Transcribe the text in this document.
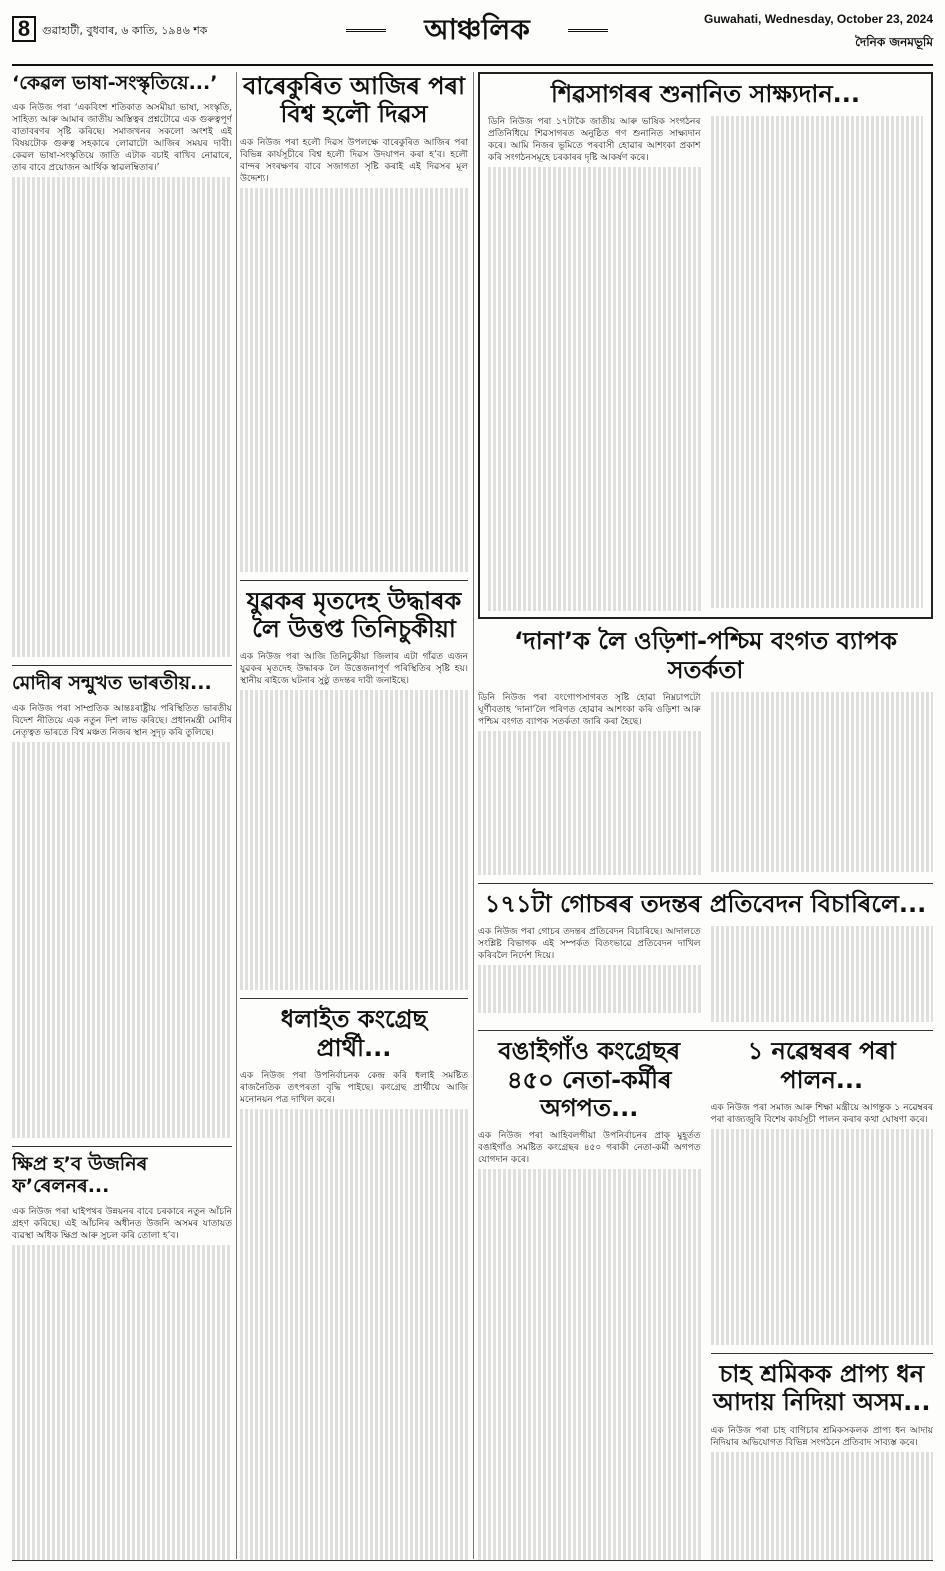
8	গুৱাহাটী, বুধবাৰ, ৬ কাতি, ১৯৪৬ শক	আঞ্চলিক	Guwahati, Wednesday, October 23, 2024
দৈনিক জনমভূমি
‘কেৱল ভাষা-সংস্কৃতিয়ে...’

এক নিউজ পৰা ‘একবিংশ শতিকাত অসমীয়া ভাষা, সংস্কৃতি, সাহিত্য আৰু আমাৰ জাতীয় অস্তিত্বৰ প্ৰশ্নটোৱে এক গুৰুত্বপূৰ্ণ বাতাবৰণৰ সৃষ্টি কৰিছে। সমাজখনৰ সকলো অংশই এই বিষয়টোক গুৰুত্ব সহকাৰে লোৱাটো আজিৰ সময়ৰ দাবী। কেৱল ভাষা-সংস্কৃতিয়ে জাতি এটাক বচাই ৰাখিব নোৱাৰে, তাৰ বাবে প্ৰয়োজন আৰ্থিক স্বাৱলম্বিতাৰ।’

মোদীৰ সন্মুখত ভাৰতীয়...

এক নিউজ পৰা সাম্প্ৰতিক আন্তঃৰাষ্ট্ৰীয় পৰিস্থিতিত ভাৰতীয় বিদেশ নীতিয়ে এক নতুন দিশ লাভ কৰিছে। প্ৰধানমন্ত্ৰী মোদীৰ নেতৃত্বত ভাৰতে বিশ্ব মঞ্চত নিজৰ স্থান সুদৃঢ় কৰি তুলিছে।

ক্ষিপ্ৰ হ’ব উজনিৰ ফ’ৰেলনৰ...

এক নিউজ পৰা ঘাইপথৰ উন্নয়নৰ বাবে চৰকাৰে নতুন আঁচনি গ্ৰহণ কৰিছে। এই আঁচনিৰ অধীনত উজনি অসমৰ যাতায়ত ব্যৱস্থা অধিক ক্ষিপ্ৰ আৰু সুচল কৰি তোলা হ’ব।

বাৰেকুৰিত আজিৰ পৰা বিশ্ব হলৌ দিৱস

এক নিউজ পৰা হলৌ দিৱস উপলক্ষে বাৰেকুৰিত আজিৰ পৰা বিভিন্ন কাৰ্যসূচীৰে বিশ্ব হলৌ দিৱস উদযাপন কৰা হ’ব। হলৌ বান্দৰ সংৰক্ষণৰ বাবে সজাগতা সৃষ্টি কৰাই এই দিৱসৰ মূল উদ্দেশ্য।

যুৱকৰ মৃতদেহ উদ্ধাৰক লৈ উত্তপ্ত তিনিচুকীয়া

এক নিউজ পৰা আজি তিনিচুকীয়া জিলাৰ এটা গাঁৱত এজন যুৱকৰ মৃতদেহ উদ্ধাৰক লৈ উত্তেজনাপূৰ্ণ পৰিস্থিতিৰ সৃষ্টি হয়। স্থানীয় ৰাইজে ঘটনাৰ সুষ্ঠু তদন্তৰ দাবী জনাইছে।

ধলাইত কংগ্ৰেছ প্ৰাৰ্থী...

এক নিউজ পৰা উপনিৰ্বাচনক কেন্দ্ৰ কৰি ধলাই সমষ্টিত ৰাজনৈতিক তৎপৰতা বৃদ্ধি পাইছে। কংগ্ৰেছ প্ৰাৰ্থীয়ে আজি মনোনয়ন পত্ৰ দাখিল কৰে।

শিৱসাগৰৰ শুনানিত সাক্ষ্যদান...

ডিনি নিউজ পৰা ১৭টাকৈ জাতীয় আৰু ভাষিক সংগঠনৰ প্ৰতিনিধিয়ে শিৱসাগৰত অনুষ্ঠিত গণ শুনানিত সাক্ষ্যদান কৰে। আমি নিজৰ ভূমিতে পৰবাসী হোৱাৰ আশংকা প্ৰকাশ কৰি সংগঠনসমূহে চৰকাৰৰ দৃষ্টি আকৰ্ষণ কৰে।

‘দানা’ক লৈ ওড়িশা-পশ্চিম বংগত ব্যাপক সতৰ্কতা

ডিনি নিউজ পৰা বংগোপসাগৰত সৃষ্টি হোৱা নিম্নচাপটো ঘূৰ্ণীবতাহ ‘দানা’লৈ পৰিণত হোৱাৰ আশংকা কৰি ওড়িশা আৰু পশ্চিম বংগত ব্যাপক সতৰ্কতা জাৰি কৰা হৈছে।

১৭১টা গোচৰৰ তদন্তৰ প্ৰতিবেদন বিচাৰিলে...

এক নিউজ পৰা গোচৰ তদন্তৰ প্ৰতিবেদন বিচাৰিছে। আদালতে সংশ্লিষ্ট বিভাগক এই সম্পৰ্কত বিতংভাৱে প্ৰতিবেদন দাখিল কৰিবলৈ নিৰ্দেশ দিয়ে।

বঙাইগাঁও কংগ্ৰেছৰ ৪৫০ নেতা-কৰ্মীৰ অগপত...

এক নিউজ পৰা আহিবলগীয়া উপনিৰ্বাচনৰ প্ৰাক্ মুহূৰ্তত বঙাইগাঁও সমষ্টিত কংগ্ৰেছৰ ৪৫০ গৰাকী নেতা-কৰ্মী অগপত যোগদান কৰে।

১ নৱেম্বৰৰ পৰা পালন...

এক নিউজ পৰা সমাজ আৰু শিক্ষা মন্ত্ৰীয়ে আগন্তুক ১ নৱেম্বৰৰ পৰা ৰাজ্যজুৰি বিশেষ কাৰ্যসূচী পালন কৰাৰ কথা ঘোষণা কৰে।

চাহ শ্ৰমিকক প্ৰাপ্য ধন আদায় নিদিয়া অসম...

এক নিউজ পৰা চাহ বাগিচাৰ শ্ৰমিকসকলক প্ৰাপ্য ধন আদায় নিদিয়াৰ অভিযোগত বিভিন্ন সংগঠনে প্ৰতিবাদ সাব্যস্ত কৰে।
